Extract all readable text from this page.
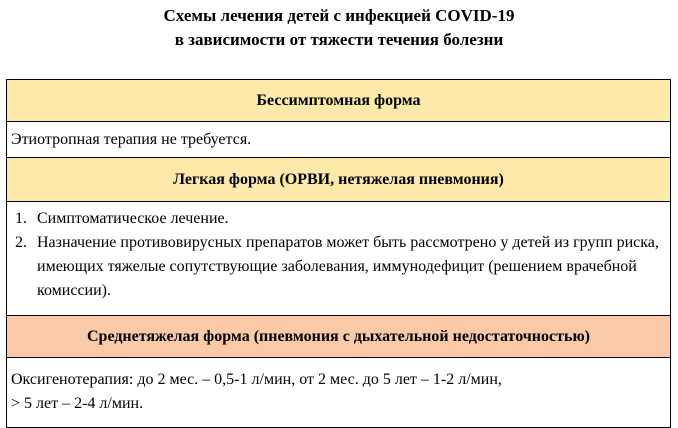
Схемы лечения детей с инфекцией COVID-19
в зависимости от тяжести течения болезни
Бессимптомная форма
Этиотропная терапия не требуется.
Легкая форма (ОРВИ, нетяжелая пневмония)
1. Симптоматическое лечение.
2. Назначение противовирусных препаратов может быть рассмотрено у детей из групп риска, имеющих тяжелые сопутствующие заболевания, иммунодефицит (решением врачебной комиссии).
Среднетяжелая форма (пневмония с дыхательной недостаточностью)
Оксигенотерапия: до 2 мес. – 0,5-1 л/мин, от 2 мес. до 5 лет – 1-2 л/мин,
> 5 лет – 2-4 л/мин.
